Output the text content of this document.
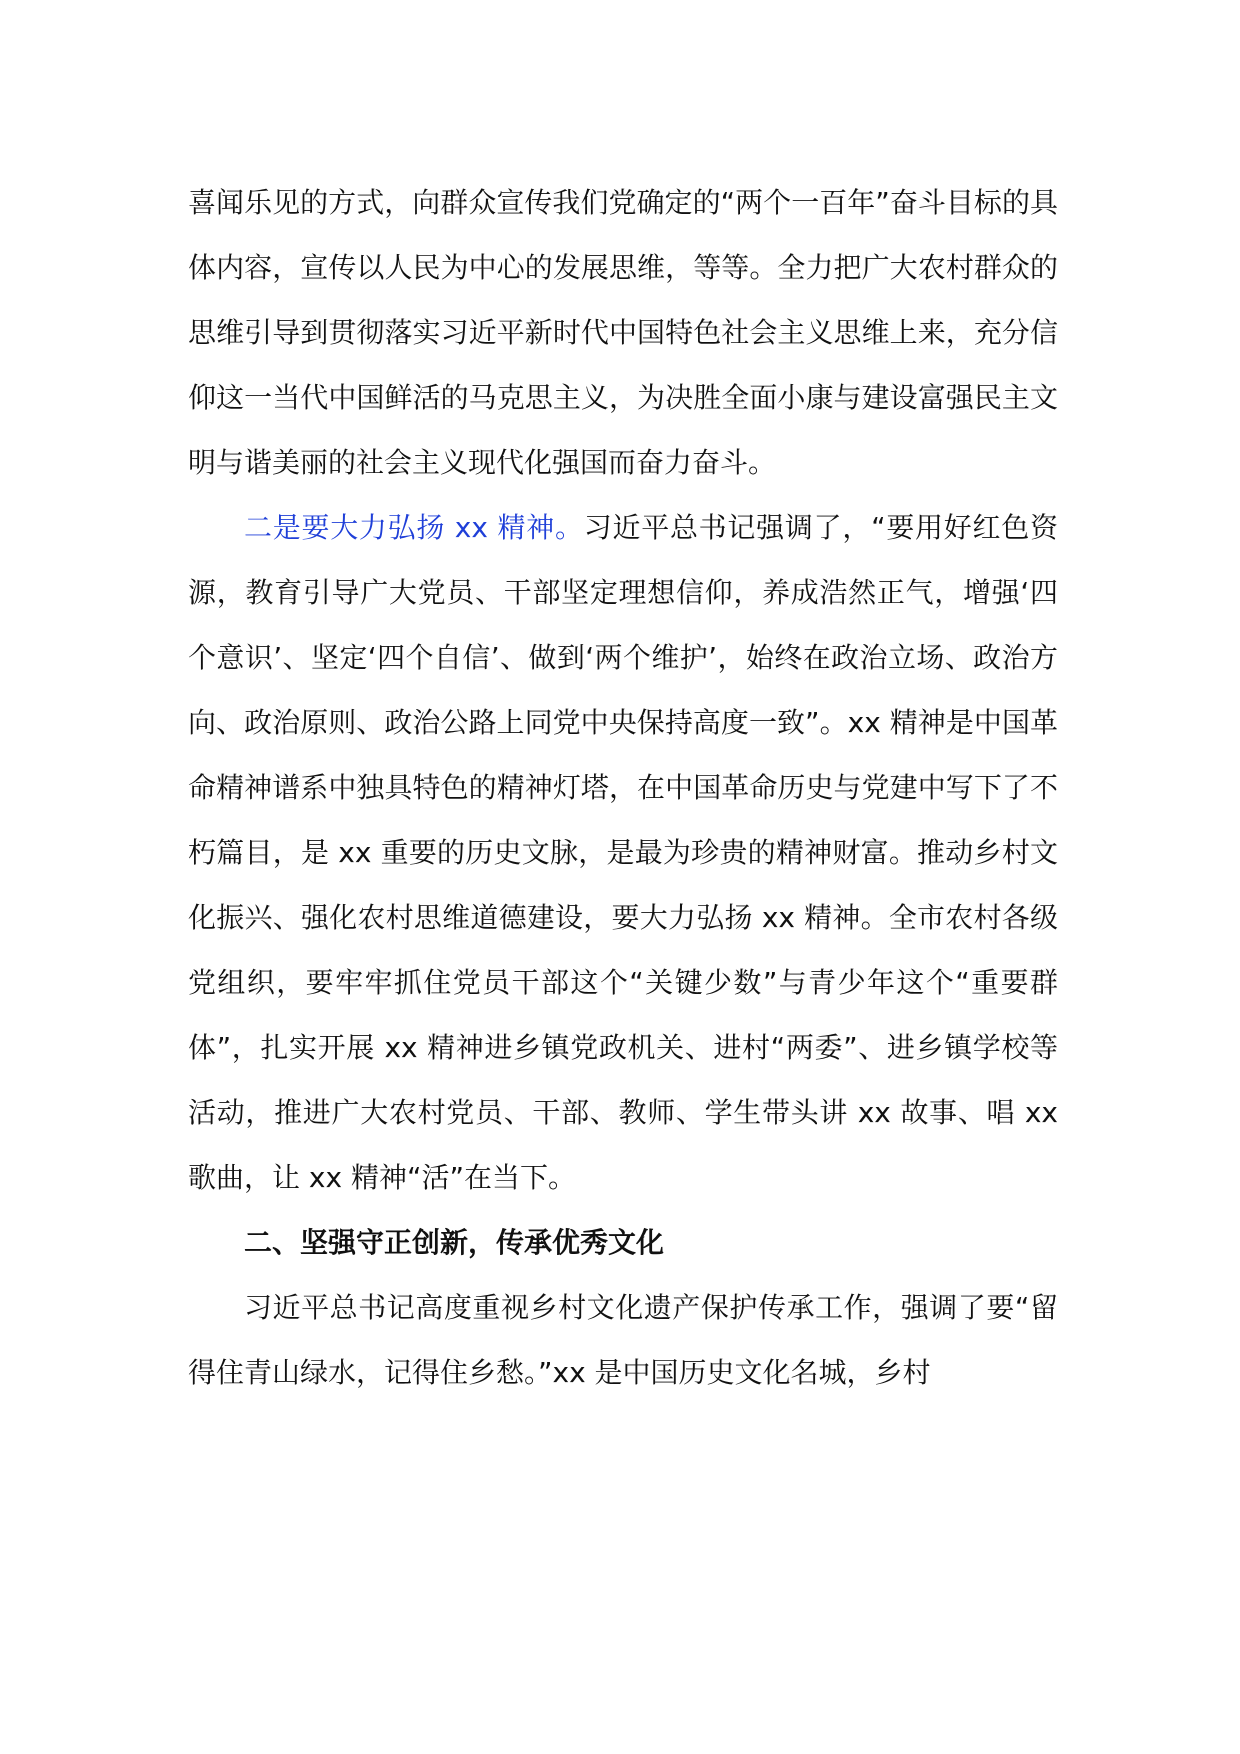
喜闻乐见的方式，向群众宣传我们党确定的“两个一百年”奋斗目标的具体内容，宣传以人民为中心的发展思维，等等。全力把广大农村群众的思维引导到贯彻落实习近平新时代中国特色社会主义思维上来，充分信仰这一当代中国鲜活的马克思主义，为决胜全面小康与建设富强民主文明与谐美丽的社会主义现代化强国而奋力奋斗。

二是要大力弘扬 xx 精神。习近平总书记强调了，“要用好红色资源，教育引导广大党员、干部坚定理想信仰，养成浩然正气，增强‘四个意识’、坚定‘四个自信’、做到‘两个维护’，始终在政治立场、政治方向、政治原则、政治公路上同党中央保持高度一致”。xx 精神是中国革命精神谱系中独具特色的精神灯塔，在中国革命历史与党建中写下了不朽篇目，是 xx 重要的历史文脉，是最为珍贵的精神财富。推动乡村文化振兴、强化农村思维道德建设，要大力弘扬 xx 精神。全市农村各级党组织，要牢牢抓住党员干部这个“关键少数”与青少年这个“重要群体”，扎实开展 xx 精神进乡镇党政机关、进村“两委”、进乡镇学校等活动，推进广大农村党员、干部、教师、学生带头讲 xx 故事、唱 xx 歌曲，让 xx 精神“活”在当下。

二、坚强守正创新，传承优秀文化

习近平总书记高度重视乡村文化遗产保护传承工作，强调了要“留得住青山绿水，记得住乡愁。”xx 是中国历史文化名城，乡村
